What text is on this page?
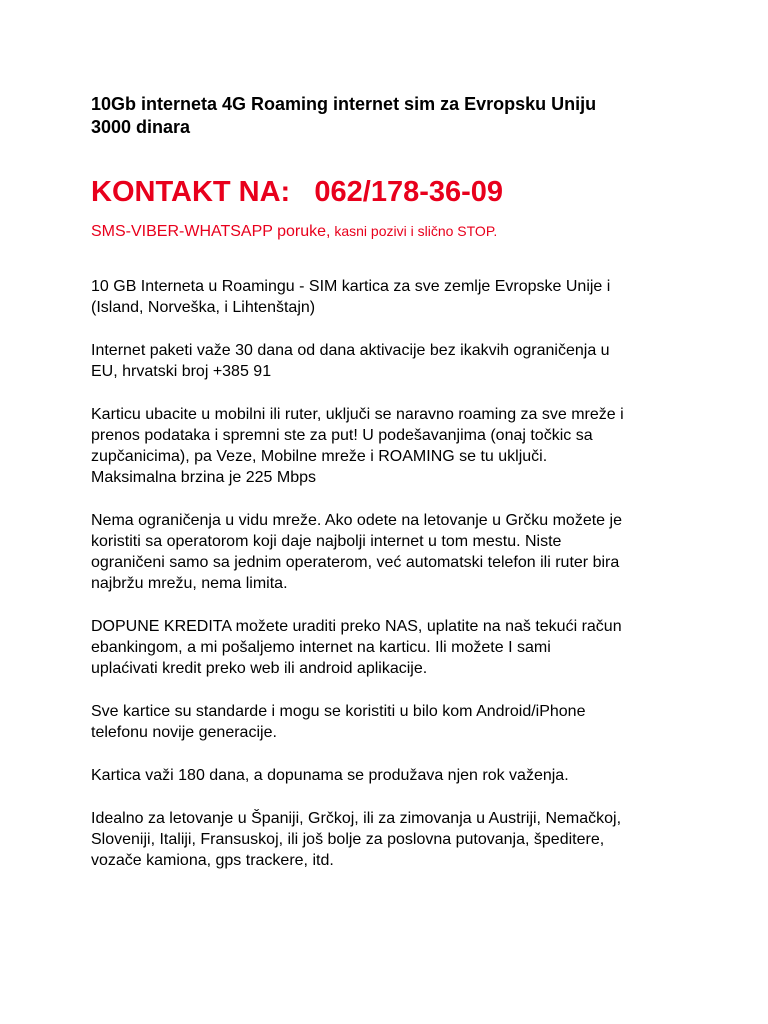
10Gb interneta 4G Roaming internet sim za Evropsku Uniju
3000 dinara
KONTAKT NA: 062/178-36-09

SMS-VIBER-WHATSAPP poruke, kasni pozivi i slično STOP.

10 GB Interneta u Roamingu - SIM kartica za sve zemlje Evropske Unije i
(Island, Norveška, i Lihtenštajn)

Internet paketi važe 30 dana od dana aktivacije bez ikakvih ograničenja u
EU, hrvatski broj +385 91

Karticu ubacite u mobilni ili ruter, uključi se naravno roaming za sve mreže i
prenos podataka i spremni ste za put! U podešavanjima (onaj točkic sa
zupčanicima), pa Veze, Mobilne mreže i ROAMING se tu uključi.
Maksimalna brzina je 225 Mbps

Nema ograničenja u vidu mreže. Ako odete na letovanje u Grčku možete je
koristiti sa operatorom koji daje najbolji internet u tom mestu. Niste
ograničeni samo sa jednim operaterom, već automatski telefon ili ruter bira
najbržu mrežu, nema limita.

DOPUNE KREDITA možete uraditi preko NAS, uplatite na naš tekući račun
ebankingom, a mi pošaljemo internet na karticu. Ili možete I sami
uplaćivati kredit preko web ili android aplikacije.

Sve kartice su standarde i mogu se koristiti u bilo kom Android/iPhone
telefonu novije generacije.

Kartica važi 180 dana, a dopunama se produžava njen rok važenja.

Idealno za letovanje u Španiji, Grčkoj, ili za zimovanja u Austriji, Nemačkoj,
Sloveniji, Italiji, Fransuskoj, ili još bolje za poslovna putovanja, špeditere,
vozače kamiona, gps trackere, itd.
